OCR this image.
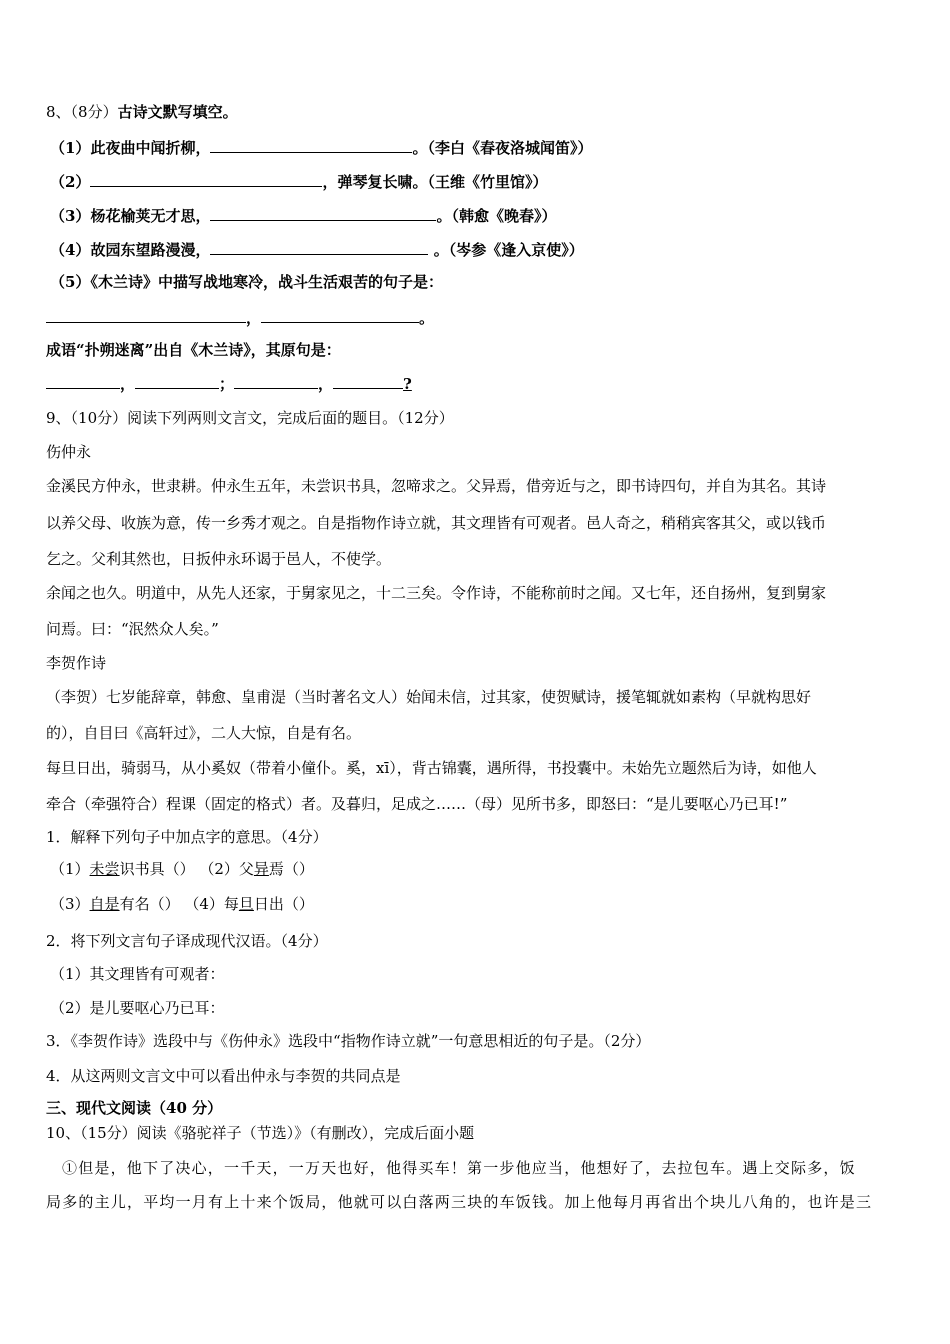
8、（8分）古诗文默写填空。
（1）此夜曲中闻折柳，	。（李白《春夜洛城闻笛》）
（2）	，弹琴复长啸。（王维《竹里馆》）
（3）杨花榆荚无才思，	。（韩愈《晚春》）
（4）故园东望路漫漫，	。（岑参《逢入京使》）
（5）《木兰诗》中描写战地寒冷，战斗生活艰苦的句子是：
，	。
成语“扑朔迷离”出自《木兰诗》，其原句是：
，	；	，	?
9、（10分）阅读下列两则文言文，完成后面的题目。（12分）
伤仲永
金溪民方仲永，世隶耕。仲永生五年，未尝识书具，忽啼求之。父异焉，借旁近与之，即书诗四句，并自为其名。其诗
以养父母、收族为意，传一乡秀才观之。自是指物作诗立就，其文理皆有可观者。邑人奇之，稍稍宾客其父，或以钱币
乞之。父利其然也，日扳仲永环谒于邑人，不使学。
余闻之也久。明道中，从先人还家，于舅家见之，十二三矣。令作诗，不能称前时之闻。又七年，还自扬州，复到舅家
问焉。曰：“泯然众人矣。”
李贺作诗
（李贺）七岁能辞章，韩愈、皇甫湜（当时著名文人）始闻未信，过其家，使贺赋诗，援笔辄就如素构（早就构思好
的），自目曰《高轩过》，二人大惊，自是有名。
每旦日出，骑弱马，从小奚奴（带着小僮仆。奚，xī），背古锦囊，遇所得，书投囊中。未始先立题然后为诗，如他人
牵合（牵强符合）程课（固定的格式）者。及暮归，足成之……（母）见所书多，即怒曰：“是儿要呕心乃已耳!”
1．解释下列句子中加点字的意思。（4分）
（1）未尝识书具（） （2）父异焉（）
（3）自是有名（） （4）每旦日出（）
2．将下列文言句子译成现代汉语。（4分）
（1）其文理皆有可观者：
（2）是儿要呕心乃已耳：
3．《李贺作诗》选段中与《伤仲永》选段中“指物作诗立就”一句意思相近的句子是。（2分）
4．从这两则文言文中可以看出仲永与李贺的共同点是
三、现代文阅读（40 分）
10、（15分）阅读《骆驼祥子（节选）》（有删改），完成后面小题
①但是，他下了决心，一千天，一万天也好，他得买车！第一步他应当，他想好了，去拉包车。遇上交际多，饭
局多的主儿，平均一月有上十来个饭局，他就可以白落两三块的车饭钱。加上他每月再省出个块儿八角的，也许是三
